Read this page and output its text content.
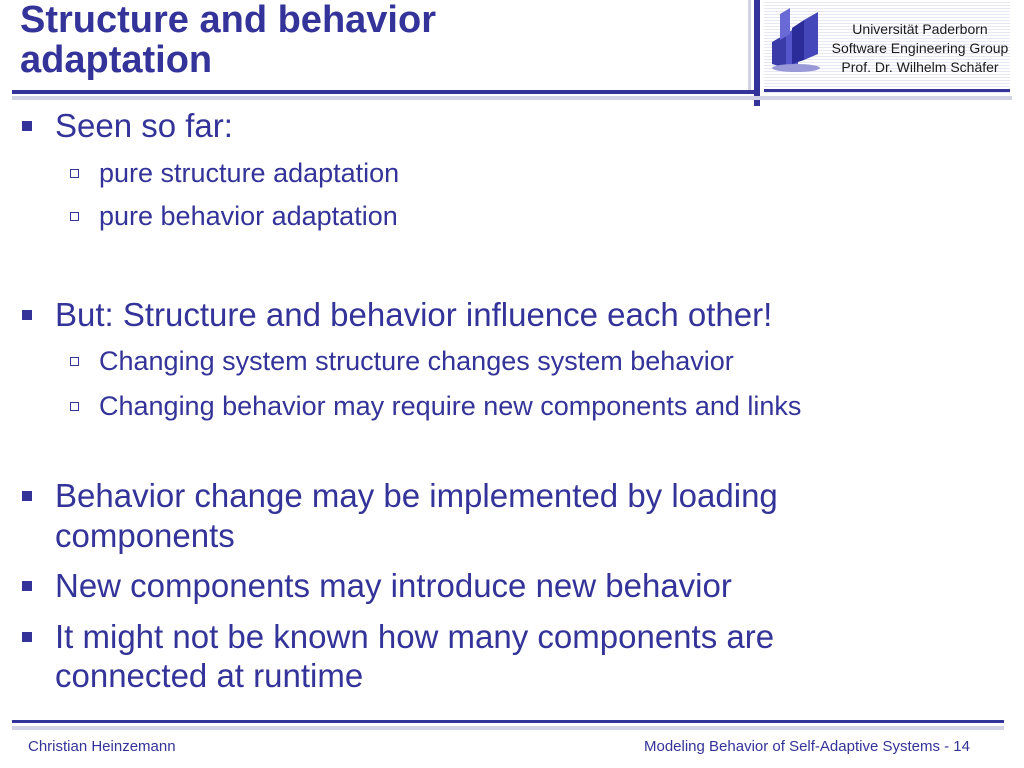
Structure and behavior
adaptation
Universität Paderborn
Software Engineering Group
Prof. Dr. Wilhelm Schäfer
Seen so far:
pure structure adaptation
pure behavior adaptation
But: Structure and behavior influence each other!
Changing system structure changes system behavior
Changing behavior may require new components and links
Behavior change may be implemented by loading
components
New components may introduce new behavior
It might not be known how many components are
connected at runtime
Christian Heinzemann	Modeling Behavior of Self-Adaptive Systems - 14
